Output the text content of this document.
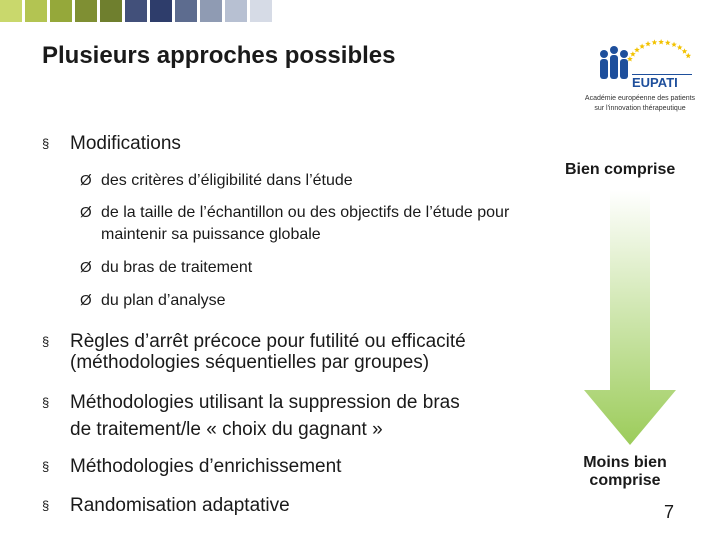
Plusieurs approches possibles
EUPATI
Académie européenne des patients
sur l'innovation thérapeutique
§ Modifications
Ø des critères d’éligibilité dans l’étude
Ø de la taille de l’échantillon ou des objectifs de l’étude pour
maintenir sa puissance globale
Ø du bras de traitement
Ø du plan d’analyse
§ Règles d’arrêt précoce pour futilité ou efficacité
(méthodologies séquentielles par groupes)
§ Méthodologies utilisant la suppression de bras
de traitement/le « choix du gagnant »
§ Méthodologies d’enrichissement
§ Randomisation adaptative
Bien comprise
Moins bien
comprise
7
